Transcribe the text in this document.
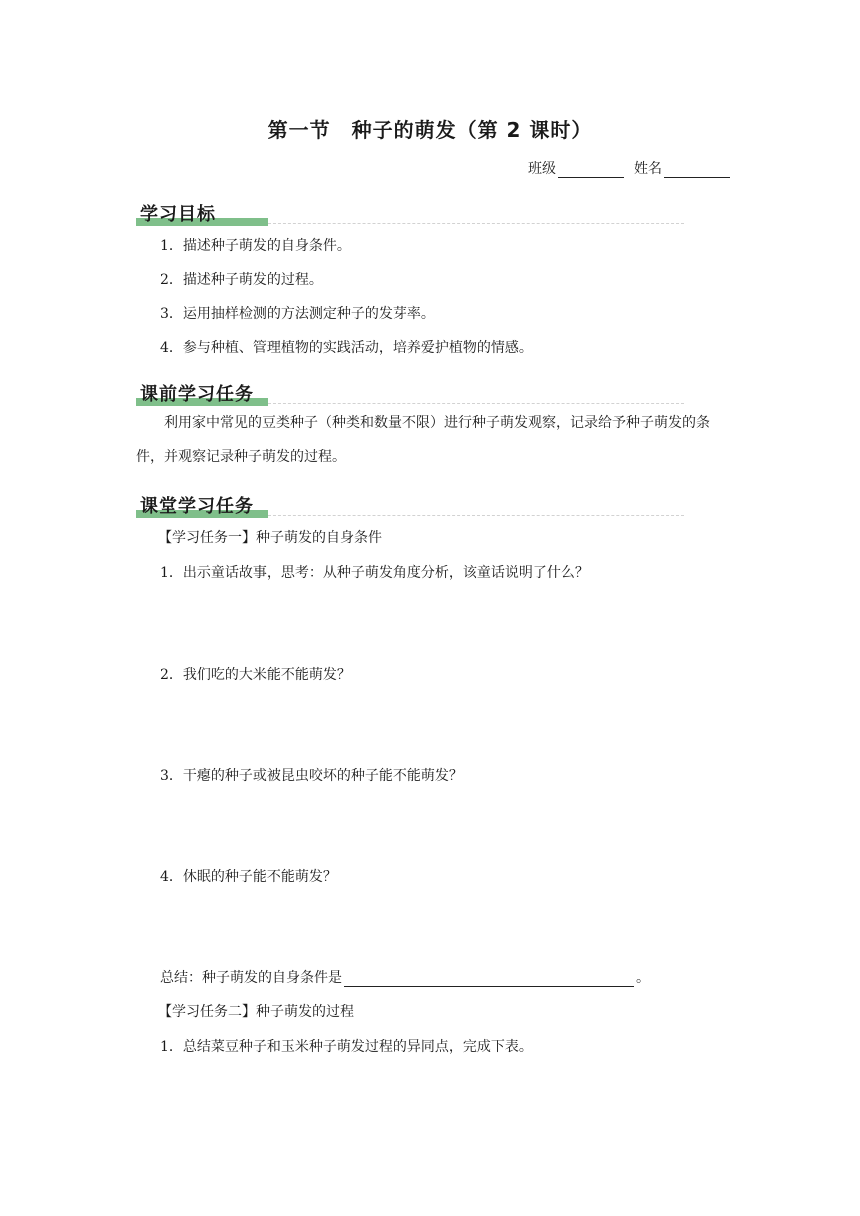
第一节　种子的萌发（第 2 课时）
班级	姓名
学习目标
1．描述种子萌发的自身条件。
2．描述种子萌发的过程。
3．运用抽样检测的方法测定种子的发芽率。
4．参与种植、管理植物的实践活动，培养爱护植物的情感。
课前学习任务
利用家中常见的豆类种子（种类和数量不限）进行种子萌发观察，记录给予种子萌发的条件，并观察记录种子萌发的过程。
课堂学习任务
【学习任务一】种子萌发的自身条件
1．出示童话故事，思考：从种子萌发角度分析，该童话说明了什么？
2．我们吃的大米能不能萌发？
3．干瘪的种子或被昆虫咬坏的种子能不能萌发？
4．休眠的种子能不能萌发？
总结：种子萌发的自身条件是	。
【学习任务二】种子萌发的过程
1．总结菜豆种子和玉米种子萌发过程的异同点，完成下表。
